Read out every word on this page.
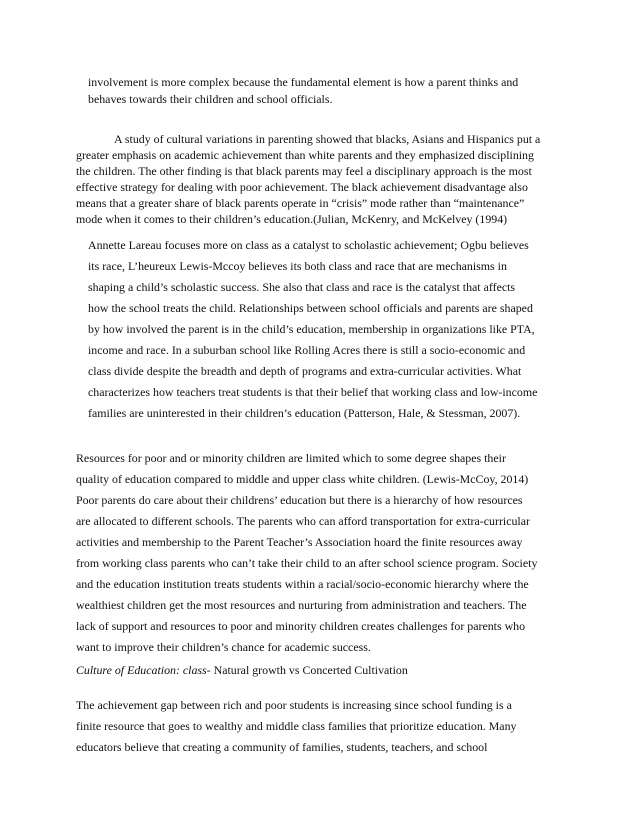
involvement is more complex because the fundamental element is how a parent thinks and
behaves towards their children and school officials.
A study of cultural variations in parenting showed that blacks, Asians and Hispanics put a
greater emphasis on academic achievement than white parents and they emphasized disciplining
the children. The other finding is that black parents may feel a disciplinary approach is the most
effective strategy for dealing with poor achievement. The black achievement disadvantage also
means that a greater share of black parents operate in “crisis” mode rather than “maintenance”
mode when it comes to their children’s education.(Julian, McKenry, and McKelvey (1994)
Annette Lareau focuses more on class as a catalyst to scholastic achievement; Ogbu believes
its race, L’heureux Lewis-Mccoy believes its both class and race that are mechanisms in
shaping a child’s scholastic success. She also that class and race is the catalyst that affects
how the school treats the child. Relationships between school officials and parents are shaped
by how involved the parent is in the child’s education, membership in organizations like PTA,
income and race. In a suburban school like Rolling Acres there is still a socio-economic and
class divide despite the breadth and depth of programs and extra-curricular activities. What
characterizes how teachers treat students is that their belief that working class and low-income
families are uninterested in their children’s education (Patterson, Hale, & Stessman, 2007).
Resources for poor and or minority children are limited which to some degree shapes their
quality of education compared to middle and upper class white children. (Lewis-McCoy, 2014)
Poor parents do care about their childrens’ education but there is a hierarchy of how resources
are allocated to different schools. The parents who can afford transportation for extra-curricular
activities and membership to the Parent Teacher’s Association hoard the finite resources away
from working class parents who can’t take their child to an after school science program. Society
and the education institution treats students within a racial/socio-economic hierarchy where the
wealthiest children get the most resources and nurturing from administration and teachers. The
lack of support and resources to poor and minority children creates challenges for parents who
want to improve their children’s chance for academic success.
Culture of Education: class- Natural growth vs Concerted Cultivation
The achievement gap between rich and poor students is increasing since school funding is a
finite resource that goes to wealthy and middle class families that prioritize education. Many
educators believe that creating a community of families, students, teachers, and school
